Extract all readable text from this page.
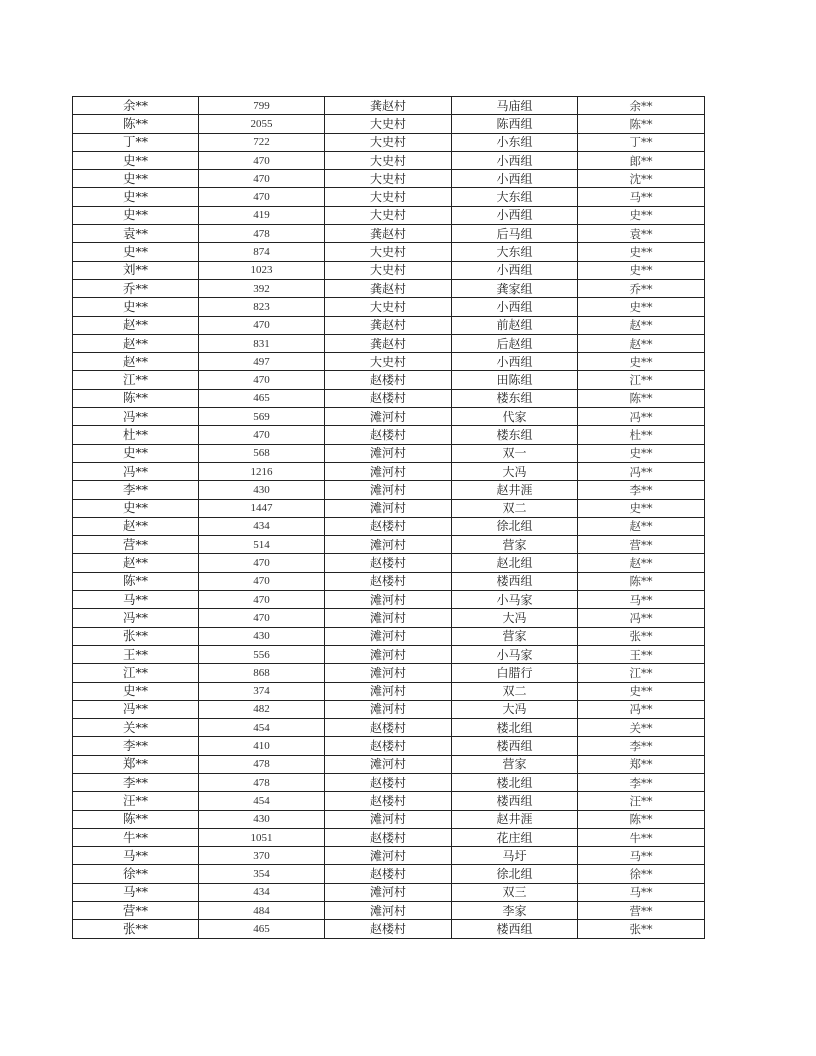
余**	799	龚赵村	马庙组	余**
陈**	2055	大史村	陈西组	陈**
丁**	722	大史村	小东组	丁**
史**	470	大史村	小西组	郎**
史**	470	大史村	小西组	沈**
史**	470	大史村	大东组	马**
史**	419	大史村	小西组	史**
袁**	478	龚赵村	后马组	袁**
史**	874	大史村	大东组	史**
刘**	1023	大史村	小西组	史**
乔**	392	龚赵村	龚家组	乔**
史**	823	大史村	小西组	史**
赵**	470	龚赵村	前赵组	赵**
赵**	831	龚赵村	后赵组	赵**
赵**	497	大史村	小西组	史**
江**	470	赵楼村	田陈组	江**
陈**	465	赵楼村	楼东组	陈**
冯**	569	滩河村	代家	冯**
杜**	470	赵楼村	楼东组	杜**
史**	568	滩河村	双一	史**
冯**	1216	滩河村	大冯	冯**
李**	430	滩河村	赵井涯	李**
史**	1447	滩河村	双二	史**
赵**	434	赵楼村	徐北组	赵**
营**	514	滩河村	营家	营**
赵**	470	赵楼村	赵北组	赵**
陈**	470	赵楼村	楼西组	陈**
马**	470	滩河村	小马家	马**
冯**	470	滩河村	大冯	冯**
张**	430	滩河村	营家	张**
王**	556	滩河村	小马家	王**
江**	868	滩河村	白腊行	江**
史**	374	滩河村	双二	史**
冯**	482	滩河村	大冯	冯**
关**	454	赵楼村	楼北组	关**
李**	410	赵楼村	楼西组	李**
郑**	478	滩河村	营家	郑**
李**	478	赵楼村	楼北组	李**
汪**	454	赵楼村	楼西组	汪**
陈**	430	滩河村	赵井涯	陈**
牛**	1051	赵楼村	花庄组	牛**
马**	370	滩河村	马圩	马**
徐**	354	赵楼村	徐北组	徐**
马**	434	滩河村	双三	马**
营**	484	滩河村	李家	营**
张**	465	赵楼村	楼西组	张**
